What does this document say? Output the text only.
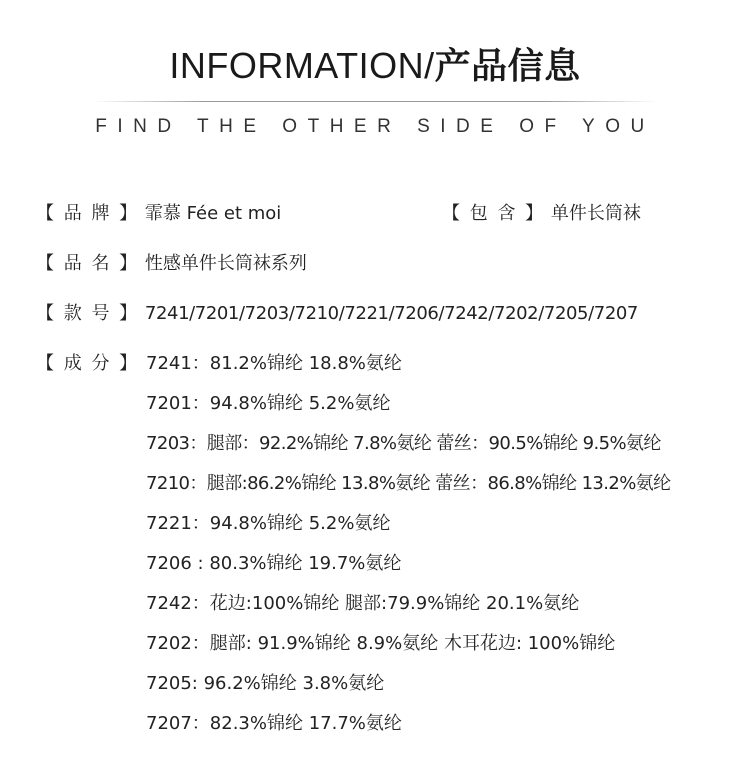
INFORMATION/产品信息
FIND THE OTHER SIDE OF YOU
【 品 牌 】 霏慕 Fée et moi	【 包 含 】 单件长筒袜
【 品 名 】 性感单件长筒袜系列
【 款 号 】 7241/7201/7203/7210/7221/7206/7242/7202/7205/7207
【 成 分 】 7241：81.2%锦纶 18.8%氨纶
7201：94.8%锦纶 5.2%氨纶
7203：腿部：92.2%锦纶 7.8%氨纶 蕾丝：90.5%锦纶 9.5%氨纶
7210：腿部:86.2%锦纶 13.8%氨纶 蕾丝：86.8%锦纶 13.2%氨纶
7221：94.8%锦纶 5.2%氨纶
7206 : 80.3%锦纶 19.7%氨纶
7242：花边:100%锦纶 腿部:79.9%锦纶 20.1%氨纶
7202：腿部: 91.9%锦纶 8.9%氨纶 木耳花边: 100%锦纶
7205: 96.2%锦纶 3.8%氨纶
7207：82.3%锦纶 17.7%氨纶
